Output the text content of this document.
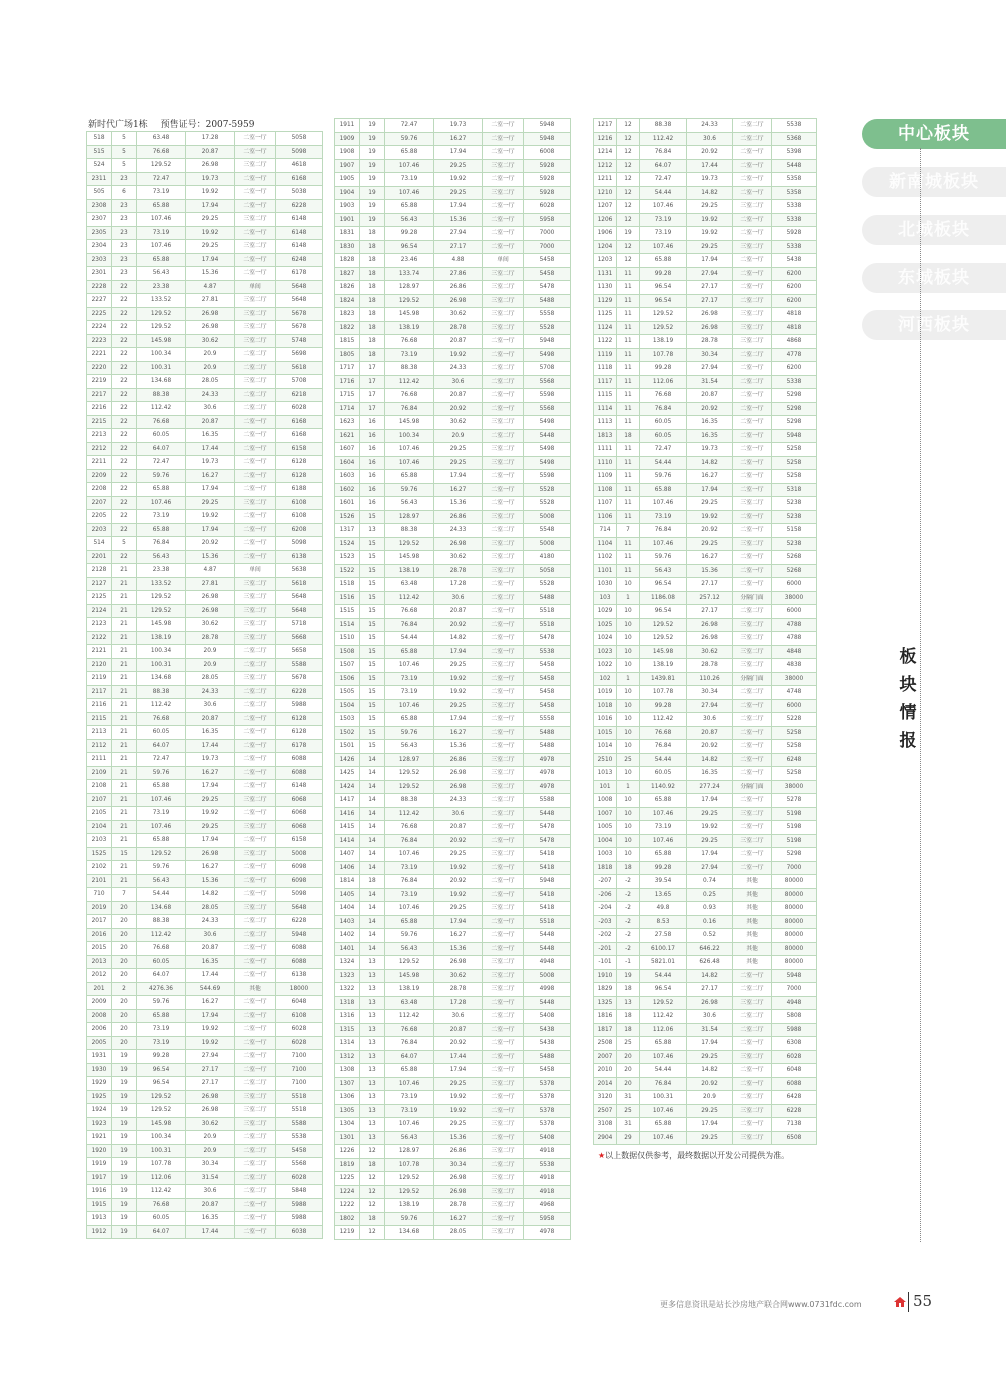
新时代广场1栋 预售证号：2007-5959
518	5	63.48	17.28	二室一厅	5058
515	5	76.68	20.87	二室一厅	5098
524	5	129.52	26.98	三室二厅	4618
2311	23	72.47	19.73	二室一厅	6168
505	6	73.19	19.92	二室一厅	5038
2308	23	65.88	17.94	二室一厅	6228
2307	23	107.46	29.25	三室二厅	6148
2305	23	73.19	19.92	二室一厅	6148
2304	23	107.46	29.25	三室二厅	6148
2303	23	65.88	17.94	二室一厅	6248
2301	23	56.43	15.36	二室一厅	6178
2228	22	23.38	4.87	单间	5648
2227	22	133.52	27.81	三室二厅	5648
2225	22	129.52	26.98	三室二厅	5678
2224	22	129.52	26.98	三室二厅	5678
2223	22	145.98	30.62	三室二厅	5748
2221	22	100.34	20.9	二室二厅	5698
2220	22	100.31	20.9	二室二厅	5618
2219	22	134.68	28.05	三室二厅	5708
2217	22	88.38	24.33	二室二厅	6218
2216	22	112.42	30.6	二室二厅	6028
2215	22	76.68	20.87	二室一厅	6168
2213	22	60.05	16.35	二室一厅	6168
2212	22	64.07	17.44	二室一厅	6158
2211	22	72.47	19.73	二室一厅	6128
2209	22	59.76	16.27	二室一厅	6128
2208	22	65.88	17.94	二室一厅	6188
2207	22	107.46	29.25	三室二厅	6108
2205	22	73.19	19.92	二室一厅	6108
2203	22	65.88	17.94	二室一厅	6208
514	5	76.84	20.92	二室一厅	5098
2201	22	56.43	15.36	二室一厅	6138
2128	21	23.38	4.87	单间	5638
2127	21	133.52	27.81	三室二厅	5618
2125	21	129.52	26.98	三室二厅	5648
2124	21	129.52	26.98	三室二厅	5648
2123	21	145.98	30.62	三室二厅	5718
2122	21	138.19	28.78	三室二厅	5668
2121	21	100.34	20.9	二室二厅	5658
2120	21	100.31	20.9	二室二厅	5588
2119	21	134.68	28.05	三室二厅	5678
2117	21	88.38	24.33	二室二厅	6228
2116	21	112.42	30.6	二室二厅	5988
2115	21	76.68	20.87	二室一厅	6128
2113	21	60.05	16.35	二室一厅	6128
2112	21	64.07	17.44	二室一厅	6178
2111	21	72.47	19.73	二室一厅	6088
2109	21	59.76	16.27	二室一厅	6088
2108	21	65.88	17.94	二室一厅	6148
2107	21	107.46	29.25	三室二厅	6068
2105	21	73.19	19.92	二室一厅	6068
2104	21	107.46	29.25	三室二厅	6068
2103	21	65.88	17.94	二室一厅	6158
1525	15	129.52	26.98	三室二厅	5008
2102	21	59.76	16.27	二室一厅	6098
2101	21	56.43	15.36	二室一厅	6098
710	7	54.44	14.82	二室一厅	5098
2019	20	134.68	28.05	三室二厅	5648
2017	20	88.38	24.33	二室二厅	6228
2016	20	112.42	30.6	二室二厅	5948
2015	20	76.68	20.87	二室一厅	6088
2013	20	60.05	16.35	二室一厅	6088
2012	20	64.07	17.44	二室一厅	6138
201	2	4276.36	544.69	其他	18000
2009	20	59.76	16.27	二室一厅	6048
2008	20	65.88	17.94	二室一厅	6108
2006	20	73.19	19.92	二室一厅	6028
2005	20	73.19	19.92	二室一厅	6028
1931	19	99.28	27.94	二室一厅	7100
1930	19	96.54	27.17	二室一厅	7100
1929	19	96.54	27.17	二室二厅	7100
1925	19	129.52	26.98	三室二厅	5518
1924	19	129.52	26.98	三室二厅	5518
1923	19	145.98	30.62	三室二厅	5588
1921	19	100.34	20.9	二室二厅	5538
1920	19	100.31	20.9	二室二厅	5458
1919	19	107.78	30.34	二室二厅	5568
1917	19	112.06	31.54	二室二厅	6028
1916	19	112.42	30.6	二室二厅	5848
1915	19	76.68	20.87	二室一厅	5988
1913	19	60.05	16.35	二室一厅	5988
1912	19	64.07	17.44	二室一厅	6038
1911	19	72.47	19.73	二室一厅	5948
1909	19	59.76	16.27	二室一厅	5948
1908	19	65.88	17.94	二室一厅	6008
1907	19	107.46	29.25	三室二厅	5928
1905	19	73.19	19.92	二室一厅	5928
1904	19	107.46	29.25	三室二厅	5928
1903	19	65.88	17.94	二室一厅	6028
1901	19	56.43	15.36	二室一厅	5958
1831	18	99.28	27.94	二室一厅	7000
1830	18	96.54	27.17	二室一厅	7000
1828	18	23.46	4.88	单间	5458
1827	18	133.74	27.86	三室二厅	5458
1826	18	128.97	26.86	三室二厅	5478
1824	18	129.52	26.98	三室二厅	5488
1823	18	145.98	30.62	三室二厅	5558
1822	18	138.19	28.78	三室二厅	5528
1815	18	76.68	20.87	二室一厅	5948
1805	18	73.19	19.92	二室一厅	5498
1717	17	88.38	24.33	二室二厅	5708
1716	17	112.42	30.6	二室二厅	5568
1715	17	76.68	20.87	二室一厅	5598
1714	17	76.84	20.92	二室一厅	5568
1623	16	145.98	30.62	三室二厅	5498
1621	16	100.34	20.9	二室二厅	5448
1607	16	107.46	29.25	三室二厅	5498
1604	16	107.46	29.25	三室二厅	5498
1603	16	65.88	17.94	二室一厅	5598
1602	16	59.76	16.27	二室一厅	5528
1601	16	56.43	15.36	二室一厅	5528
1526	15	128.97	26.86	三室二厅	5008
1317	13	88.38	24.33	二室二厅	5548
1524	15	129.52	26.98	三室二厅	5008
1523	15	145.98	30.62	三室二厅	4180
1522	15	138.19	28.78	三室二厅	5058
1518	15	63.48	17.28	二室一厅	5528
1516	15	112.42	30.6	二室二厅	5488
1515	15	76.68	20.87	二室一厅	5518
1514	15	76.84	20.92	二室一厅	5518
1510	15	54.44	14.82	二室一厅	5478
1508	15	65.88	17.94	二室一厅	5538
1507	15	107.46	29.25	三室二厅	5458
1506	15	73.19	19.92	二室一厅	5458
1505	15	73.19	19.92	二室一厅	5458
1504	15	107.46	29.25	三室二厅	5458
1503	15	65.88	17.94	二室一厅	5558
1502	15	59.76	16.27	二室一厅	5488
1501	15	56.43	15.36	二室一厅	5488
1426	14	128.97	26.86	三室二厅	4978
1425	14	129.52	26.98	三室二厅	4978
1424	14	129.52	26.98	三室二厅	4978
1417	14	88.38	24.33	二室二厅	5588
1416	14	112.42	30.6	二室二厅	5448
1415	14	76.68	20.87	二室一厅	5478
1414	14	76.84	20.92	二室一厅	5478
1407	14	107.46	29.25	三室二厅	5418
1406	14	73.19	19.92	二室一厅	5418
1814	18	76.84	20.92	二室一厅	5948
1405	14	73.19	19.92	二室一厅	5418
1404	14	107.46	29.25	三室二厅	5418
1403	14	65.88	17.94	二室一厅	5518
1402	14	59.76	16.27	二室一厅	5448
1401	14	56.43	15.36	二室一厅	5448
1324	13	129.52	26.98	三室二厅	4948
1323	13	145.98	30.62	三室二厅	5008
1322	13	138.19	28.78	三室二厅	4998
1318	13	63.48	17.28	二室一厅	5448
1316	13	112.42	30.6	二室二厅	5408
1315	13	76.68	20.87	二室一厅	5438
1314	13	76.84	20.92	二室一厅	5438
1312	13	64.07	17.44	二室一厅	5488
1308	13	65.88	17.94	二室一厅	5458
1307	13	107.46	29.25	三室二厅	5378
1306	13	73.19	19.92	二室一厅	5378
1305	13	73.19	19.92	二室一厅	5378
1304	13	107.46	29.25	三室二厅	5378
1301	13	56.43	15.36	二室一厅	5408
1226	12	128.97	26.86	三室二厅	4918
1819	18	107.78	30.34	二室二厅	5538
1225	12	129.52	26.98	三室二厅	4918
1224	12	129.52	26.98	三室二厅	4918
1222	12	138.19	28.78	三室二厅	4968
1802	18	59.76	16.27	二室一厅	5958
1219	12	134.68	28.05	三室二厅	4978
1217	12	88.38	24.33	二室二厅	5538
1216	12	112.42	30.6	二室二厅	5368
1214	12	76.84	20.92	二室一厅	5398
1212	12	64.07	17.44	二室一厅	5448
1211	12	72.47	19.73	二室一厅	5358
1210	12	54.44	14.82	二室一厅	5358
1207	12	107.46	29.25	三室二厅	5338
1206	12	73.19	19.92	二室一厅	5338
1906	19	73.19	19.92	二室一厅	5928
1204	12	107.46	29.25	三室二厅	5338
1203	12	65.88	17.94	二室一厅	5438
1131	11	99.28	27.94	二室一厅	6200
1130	11	96.54	27.17	二室一厅	6200
1129	11	96.54	27.17	二室二厅	6200
1125	11	129.52	26.98	三室二厅	4818
1124	11	129.52	26.98	三室二厅	4818
1122	11	138.19	28.78	三室二厅	4868
1119	11	107.78	30.34	二室二厅	4778
1118	11	99.28	27.94	二室一厅	6200
1117	11	112.06	31.54	二室二厅	5338
1115	11	76.68	20.87	二室一厅	5298
1114	11	76.84	20.92	二室一厅	5298
1113	11	60.05	16.35	二室一厅	5298
1813	18	60.05	16.35	二室一厅	5948
1111	11	72.47	19.73	二室一厅	5258
1110	11	54.44	14.82	二室一厅	5258
1109	11	59.76	16.27	二室一厅	5258
1108	11	65.88	17.94	二室一厅	5318
1107	11	107.46	29.25	三室二厅	5238
1106	11	73.19	19.92	二室一厅	5238
714	7	76.84	20.92	二室一厅	5158
1104	11	107.46	29.25	三室二厅	5238
1102	11	59.76	16.27	二室一厅	5268
1101	11	56.43	15.36	二室一厅	5268
1030	10	96.54	27.17	二室一厅	6000
103	1	1186.08	257.12	分隔门面	38000
1029	10	96.54	27.17	二室二厅	6000
1025	10	129.52	26.98	三室二厅	4788
1024	10	129.52	26.98	三室二厅	4788
1023	10	145.98	30.62	三室二厅	4848
1022	10	138.19	28.78	三室二厅	4838
102	1	1439.81	110.26	分隔门面	38000
1019	10	107.78	30.34	二室二厅	4748
1018	10	99.28	27.94	二室一厅	6000
1016	10	112.42	30.6	二室二厅	5228
1015	10	76.68	20.87	二室一厅	5258
1014	10	76.84	20.92	二室一厅	5258
2510	25	54.44	14.82	二室一厅	6248
1013	10	60.05	16.35	二室一厅	5258
101	1	1140.92	277.24	分隔门面	38000
1008	10	65.88	17.94	二室一厅	5278
1007	10	107.46	29.25	三室二厅	5198
1005	10	73.19	19.92	二室一厅	5198
1004	10	107.46	29.25	三室二厅	5198
1003	10	65.88	17.94	二室一厅	5298
1818	18	99.28	27.94	二室一厅	7000
-207	-2	39.54	0.74	其他	80000
-206	-2	13.65	0.25	其他	80000
-204	-2	49.8	0.93	其他	80000
-203	-2	8.53	0.16	其他	80000
-202	-2	27.58	0.52	其他	80000
-201	-2	6100.17	646.22	其他	80000
-101	-1	5821.01	626.48	其他	80000
1910	19	54.44	14.82	二室一厅	5948
1829	18	96.54	27.17	二室二厅	7000
1325	13	129.52	26.98	三室二厅	4948
1816	18	112.42	30.6	二室二厅	5808
1817	18	112.06	31.54	二室二厅	5988
2508	25	65.88	17.94	二室一厅	6308
2007	20	107.46	29.25	三室二厅	6028
2010	20	54.44	14.82	二室一厅	6048
2014	20	76.84	20.92	二室一厅	6088
3120	31	100.31	20.9	二室二厅	6428
2507	25	107.46	29.25	三室二厅	6228
3108	31	65.88	17.94	二室一厅	7138
2904	29	107.46	29.25	三室二厅	6508
中心板块
新南城板块
北城板块
东城板块
河西板块
板
块
情
报
★以上数据仅供参考，最终数据以开发公司提供为准。
更多信息资讯是站长沙房地产联合网www.0731fdc.com	55
